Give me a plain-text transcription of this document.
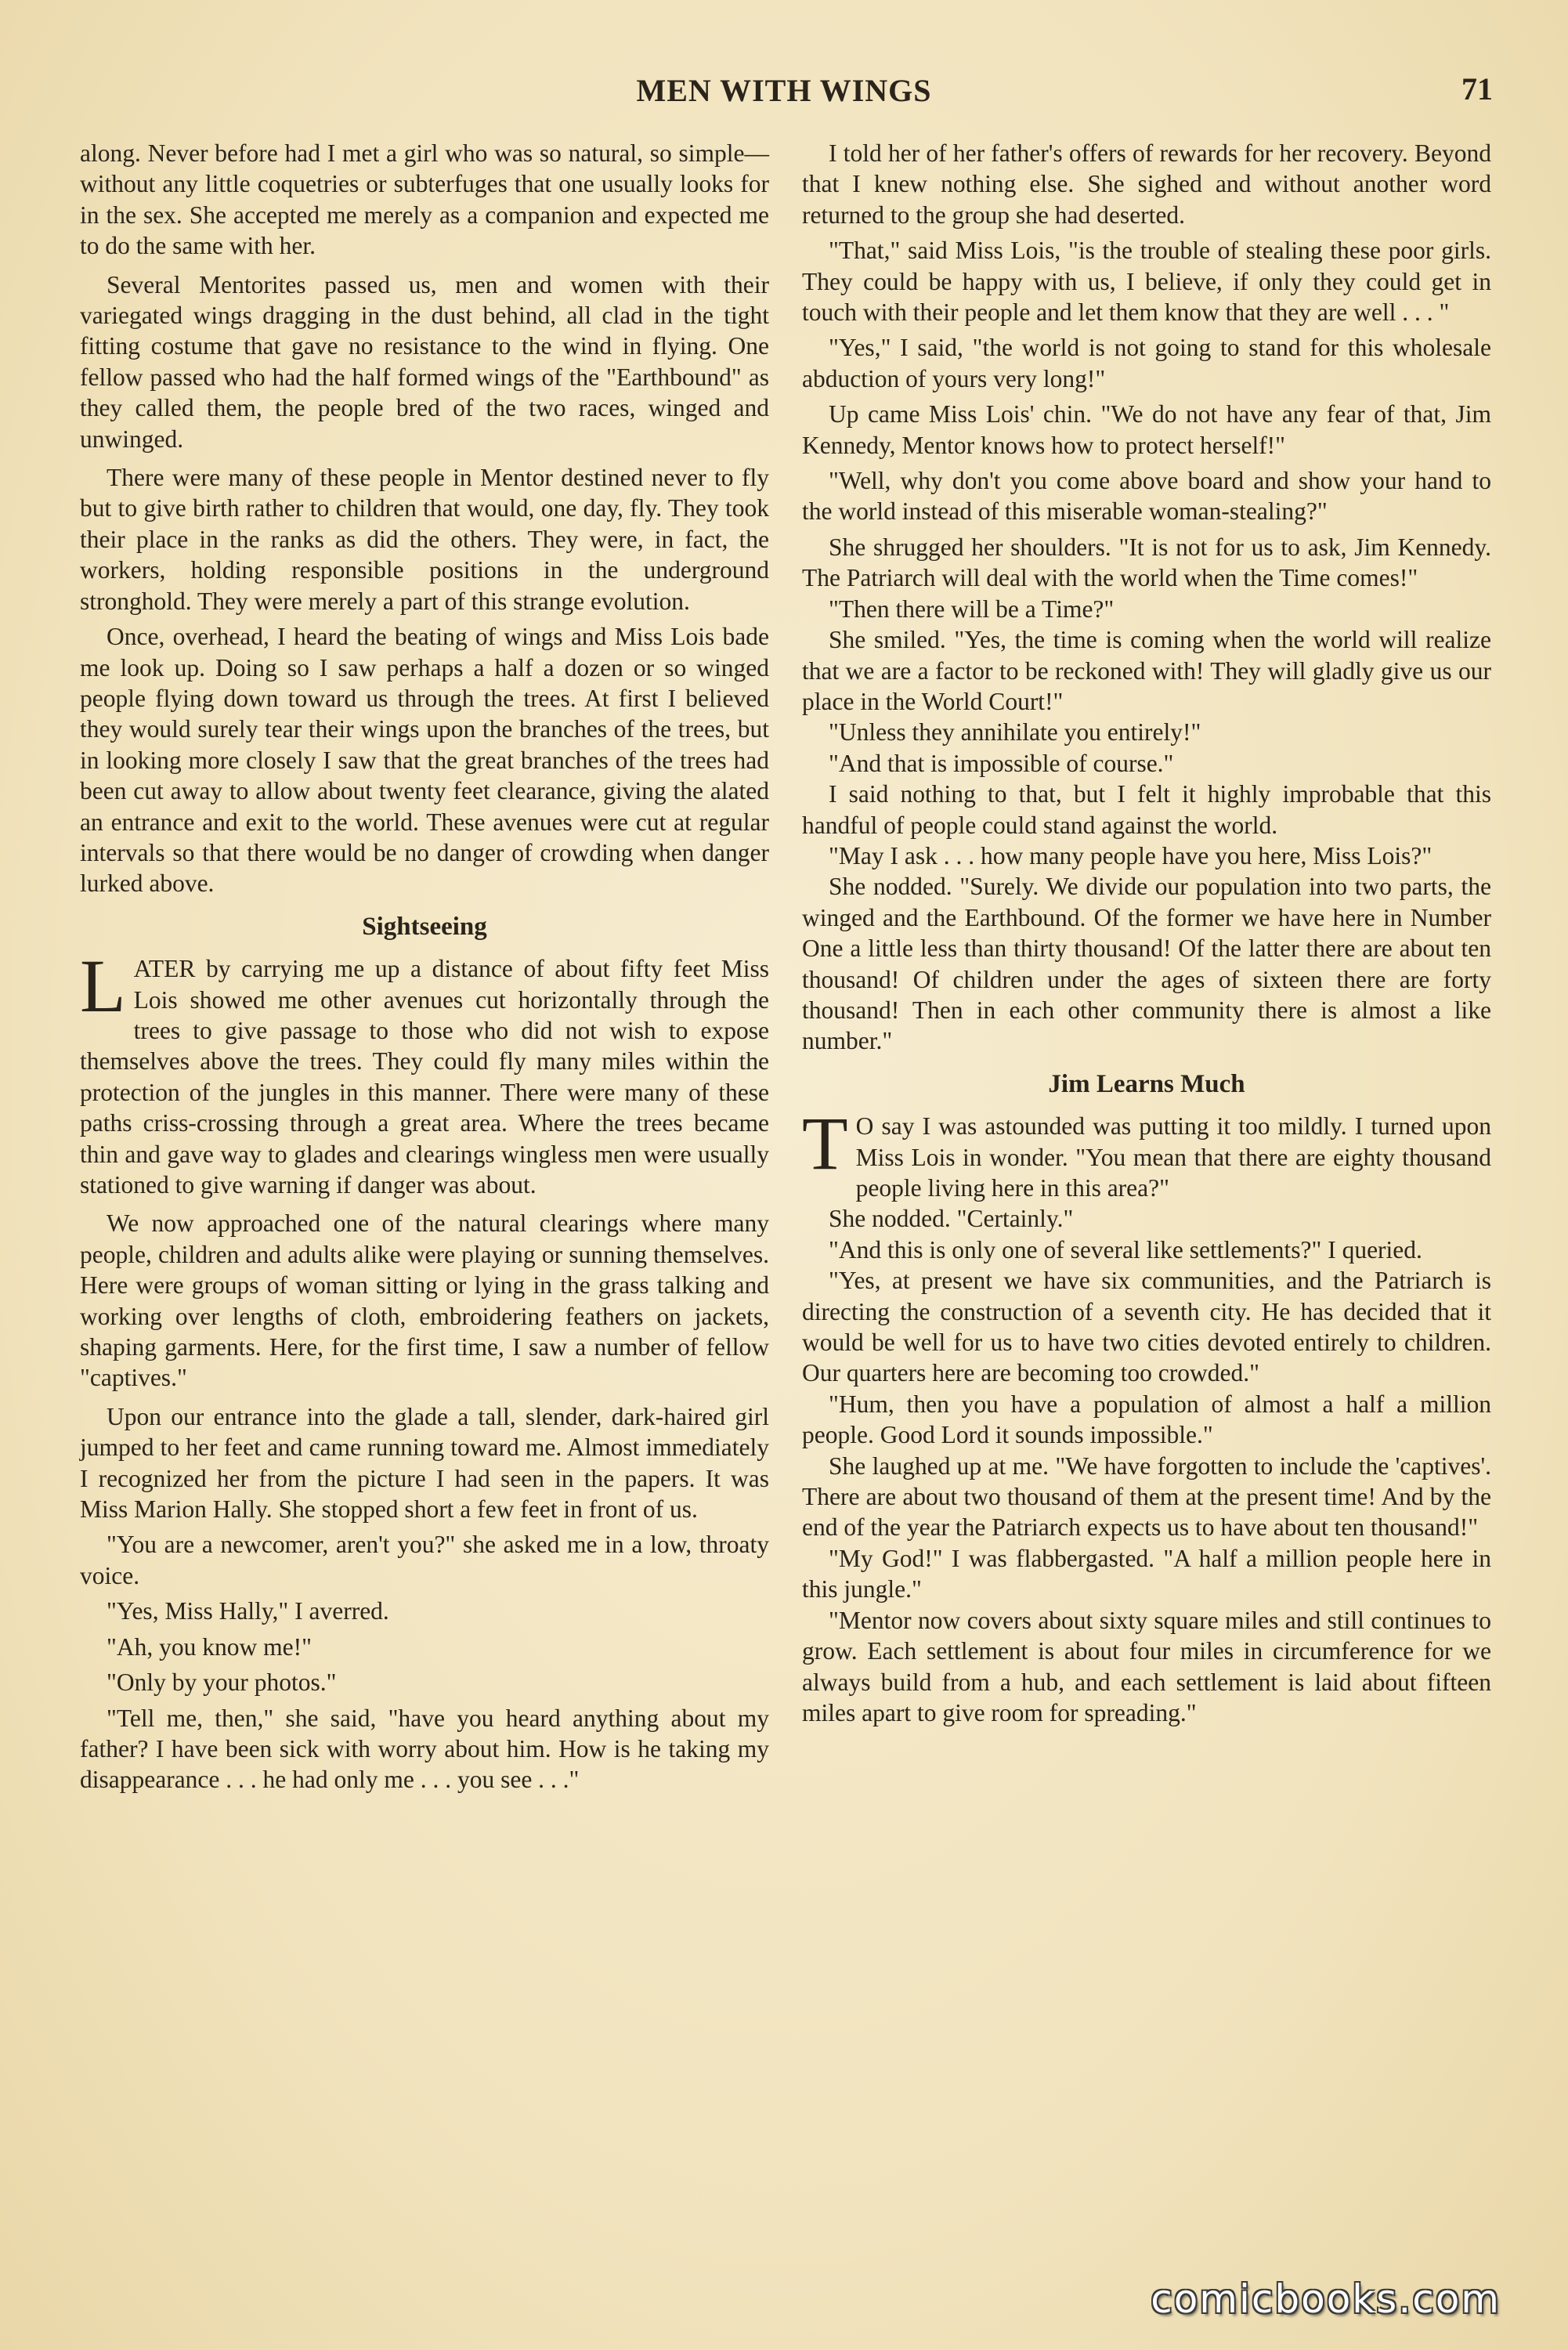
MEN WITH WINGS	71

along. Never before had I met a girl who was so natural, so simple—without any little coquetries or subterfuges that one usually looks for in the sex. She accepted me merely as a companion and expected me to do the same with her.

Several Mentorites passed us, men and women with their variegated wings dragging in the dust behind, all clad in the tight fitting costume that gave no resistance to the wind in flying. One fellow passed who had the half formed wings of the "Earthbound" as they called them, the people bred of the two races, winged and unwinged.

There were many of these people in Mentor destined never to fly but to give birth rather to children that would, one day, fly. They took their place in the ranks as did the others. They were, in fact, the workers, holding responsible positions in the underground stronghold. They were merely a part of this strange evolution.

Once, overhead, I heard the beating of wings and Miss Lois bade me look up. Doing so I saw perhaps a half a dozen or so winged people flying down toward us through the trees. At first I believed they would surely tear their wings upon the branches of the trees, but in looking more closely I saw that the great branches of the trees had been cut away to allow about twenty feet clearance, giving the alated an entrance and exit to the world. These avenues were cut at regular intervals so that there would be no danger of crowding when danger lurked above.

Sightseeing

LATER by carrying me up a distance of about fifty feet Miss Lois showed me other avenues cut horizontally through the trees to give passage to those who did not wish to expose themselves above the trees. They could fly many miles within the protection of the jungles in this manner. There were many of these paths criss-crossing through a great area. Where the trees became thin and gave way to glades and clearings wingless men were usually stationed to give warning if danger was about.

We now approached one of the natural clearings where many people, children and adults alike were playing or sunning themselves. Here were groups of woman sitting or lying in the grass talking and working over lengths of cloth, embroidering feathers on jackets, shaping garments. Here, for the first time, I saw a number of fellow "captives."

Upon our entrance into the glade a tall, slender, dark-haired girl jumped to her feet and came running toward me. Almost immediately I recognized her from the picture I had seen in the papers. It was Miss Marion Hally. She stopped short a few feet in front of us.

"You are a newcomer, aren't you?" she asked me in a low, throaty voice.

"Yes, Miss Hally," I averred.

"Ah, you know me!"

"Only by your photos."

"Tell me, then," she said, "have you heard anything about my father? I have been sick with worry about him. How is he taking my disappearance . . . he had only me . . . you see . . ."

I told her of her father's offers of rewards for her recovery. Beyond that I knew nothing else. She sighed and without another word returned to the group she had deserted.

"That," said Miss Lois, "is the trouble of stealing these poor girls. They could be happy with us, I believe, if only they could get in touch with their people and let them know that they are well . . . "

"Yes," I said, "the world is not going to stand for this wholesale abduction of yours very long!"

Up came Miss Lois' chin. "We do not have any fear of that, Jim Kennedy, Mentor knows how to protect herself!"

"Well, why don't you come above board and show your hand to the world instead of this miserable woman-stealing?"

She shrugged her shoulders. "It is not for us to ask, Jim Kennedy. The Patriarch will deal with the world when the Time comes!"

"Then there will be a Time?"

She smiled. "Yes, the time is coming when the world will realize that we are a factor to be reckoned with! They will gladly give us our place in the World Court!"

"Unless they annihilate you entirely!"

"And that is impossible of course."

I said nothing to that, but I felt it highly improbable that this handful of people could stand against the world.

"May I ask . . . how many people have you here, Miss Lois?"

She nodded. "Surely. We divide our population into two parts, the winged and the Earthbound. Of the former we have here in Number One a little less than thirty thousand! Of the latter there are about ten thousand! Of children under the ages of sixteen there are forty thousand! Then in each other community there is almost a like number."

Jim Learns Much

T O say I was astounded was putting it too mildly. I turned upon Miss Lois in wonder. "You mean that there are eighty thousand people living here in this area?"

She nodded. "Certainly."

"And this is only one of several like settlements?" I queried.

"Yes, at present we have six communities, and the Patriarch is directing the construction of a seventh city. He has decided that it would be well for us to have two cities devoted entirely to children. Our quarters here are becoming too crowded."

"Hum, then you have a population of almost a half a million people. Good Lord it sounds impossible."

She laughed up at me. "We have forgotten to include the 'captives'. There are about two thousand of them at the present time! And by the end of the year the Patriarch expects us to have about ten thousand!"

"My God!" I was flabbergasted. "A half a million people here in this jungle."

"Mentor now covers about sixty square miles and still continues to grow. Each settlement is about four miles in circumference for we always build from a hub, and each settlement is laid about fifteen miles apart to give room for spreading."

comicbooks.com
